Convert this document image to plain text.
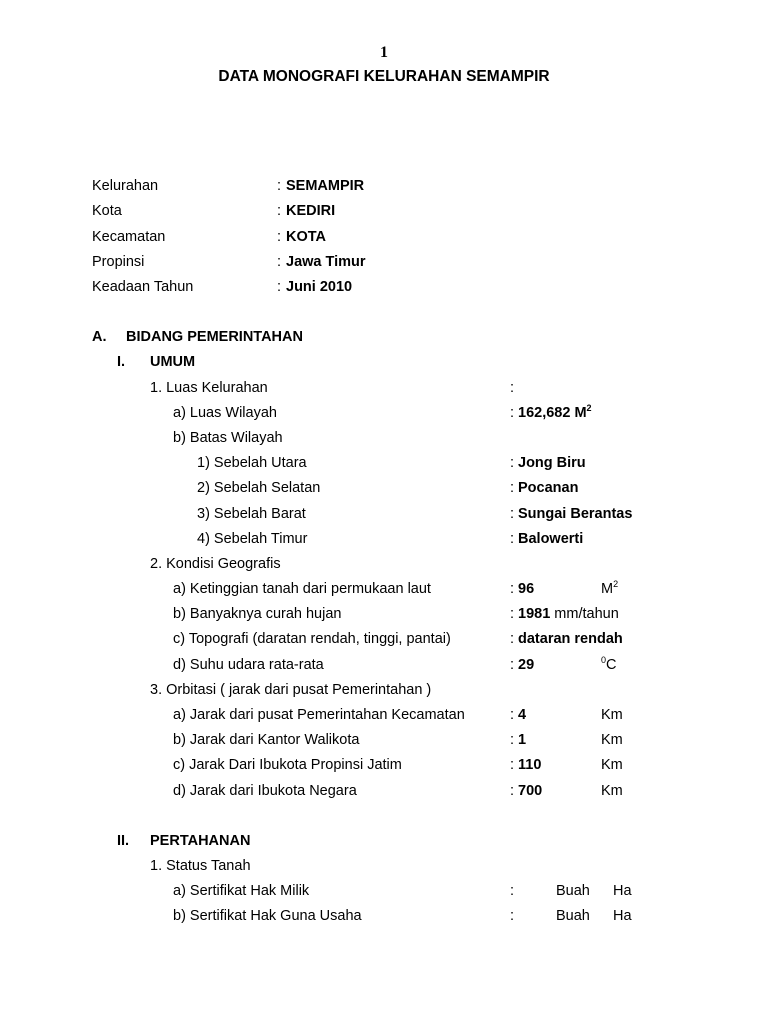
1
DATA MONOGRAFI KELURAHAN SEMAMPIR
Kelurahan	: SEMAMPIR
Kota	: KEDIRI
Kecamatan	: KOTA
Propinsi	: Jawa Timur
Keadaan Tahun	: Juni 2010
A. BIDANG PEMERINTAHAN
I. UMUM
1. Luas Kelurahan	:
a) Luas Wilayah	: 162,682 $M^2$
b) Batas Wilayah
1) Sebelah Utara	: Jong Biru
2) Sebelah Selatan	: Pocanan
3) Sebelah Barat	: Sungai Berantas
4) Sebelah Timur	: Balowerti
2. Kondisi Geografis
a) Ketinggian tanah dari permukaan laut	: 96	$M^2$
b) Banyaknya curah hujan	: 1981 mm/tahun
c) Topografi (daratan rendah, tinggi, pantai)	: dataran rendah
d) Suhu udara rata-rata	: 29	$^0$C
3. Orbitasi ( jarak dari pusat Pemerintahan )
a) Jarak dari pusat Pemerintahan Kecamatan	: 4	Km
b) Jarak dari Kantor Walikota	: 1	Km
c) Jarak Dari Ibukota Propinsi Jatim	: 110	Km
d) Jarak dari Ibukota Negara	: 700	Km
II. PERTAHANAN
1. Status Tanah
a) Sertifikat Hak Milik	:	Buah Ha
b) Sertifikat Hak Guna Usaha	:	Buah Ha
